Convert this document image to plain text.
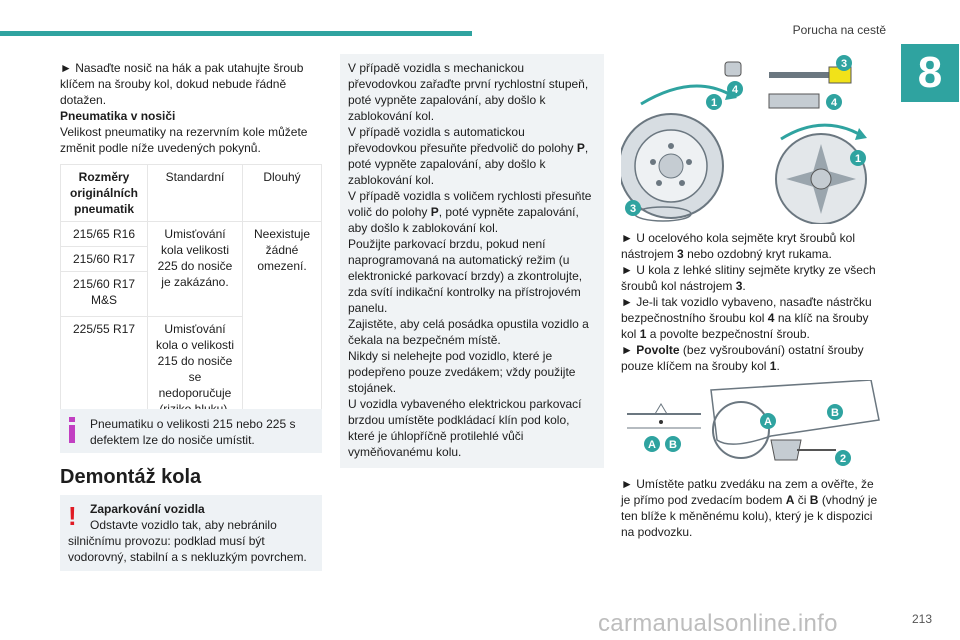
Porucha na cestě
8

► Nasaďte nosič na hák a pak utahujte šroub klíčem na šrouby kol, dokud nebude řádně dotažen.

Pneumatika v nosiči

Velikost pneumatiky na rezervním kole můžete změnit podle níže uvedených pokynů.

Rozměry originálních pneumatik	Standardní	Dlouhý
215/65 R16	Umisťování kola velikosti 225 do nosiče je zakázáno.	Neexistuje žádné omezení.
215/60 R17		
215/60 R17 M&S		
225/55 R17	Umisťování kola o velikosti 215 do nosiče se nedoporučuje	
Pneumatiku o velikosti 215 nebo 225 s defektem lze do nosiče umístit.
Demontáž kola
! Zaparkování vozidla
Odstavte vozidlo tak, aby nebránilo silničnímu provozu: podklad musí být vodorovný, stabilní a s nekluzkým povrchem.

V případě vozidla s mechanickou převodovkou zařaďte první rychlostní stupeň, poté vypněte zapalování, aby došlo k zablokování kol.

V případě vozidla s automatickou převodovkou přesuňte předvolič do polohy P, poté vypněte zapalování, aby došlo k zablokování kol.

V případě vozidla s voličem rychlosti přesuňte volič do polohy P, poté vypněte zapalování, aby došlo k zablokování kol.

Použijte parkovací brzdu, pokud není naprogramovaná na automatický režim (u elektronické parkovací brzdy) a zkontrolujte, zda svítí indikační kontrolky na přístrojovém panelu.

Zajistěte, aby celá posádka opustila vozidlo a čekala na bezpečném místě.

Nikdy si nelehejte pod vozidlo, které je podepřeno pouze zvedákem; vždy použijte stojánek.

U vozidla vybaveného elektrickou parkovací brzdou umístěte podkládací klín pod kolo, které je úhlopříčně protilehlé vůči vyměňovanému kolu.

1
4
3
3
4
1

► U ocelového kola sejměte kryt šroubů kol nástrojem 3 nebo ozdobný kryt rukama.

► U kola z lehké slitiny sejměte krytky ze všech šroubů kol nástrojem 3.

► Je-li tak vozidlo vybaveno, nasaďte nástrčku bezpečnostního šroubu kol 4 na klíč na šrouby kol 1 a povolte bezpečnostní šroub.

► Povolte (bez vyšroubování) ostatní šrouby pouze klíčem na šrouby kol 1.

A B
A
B
2

► Umístěte patku zvedáku na zem a ověřte, že je přímo pod zvedacím bodem A či B (vhodný je ten blíže k měněnému kolu), který je k dispozici na podvozku.

carmanualsonline.info	213
